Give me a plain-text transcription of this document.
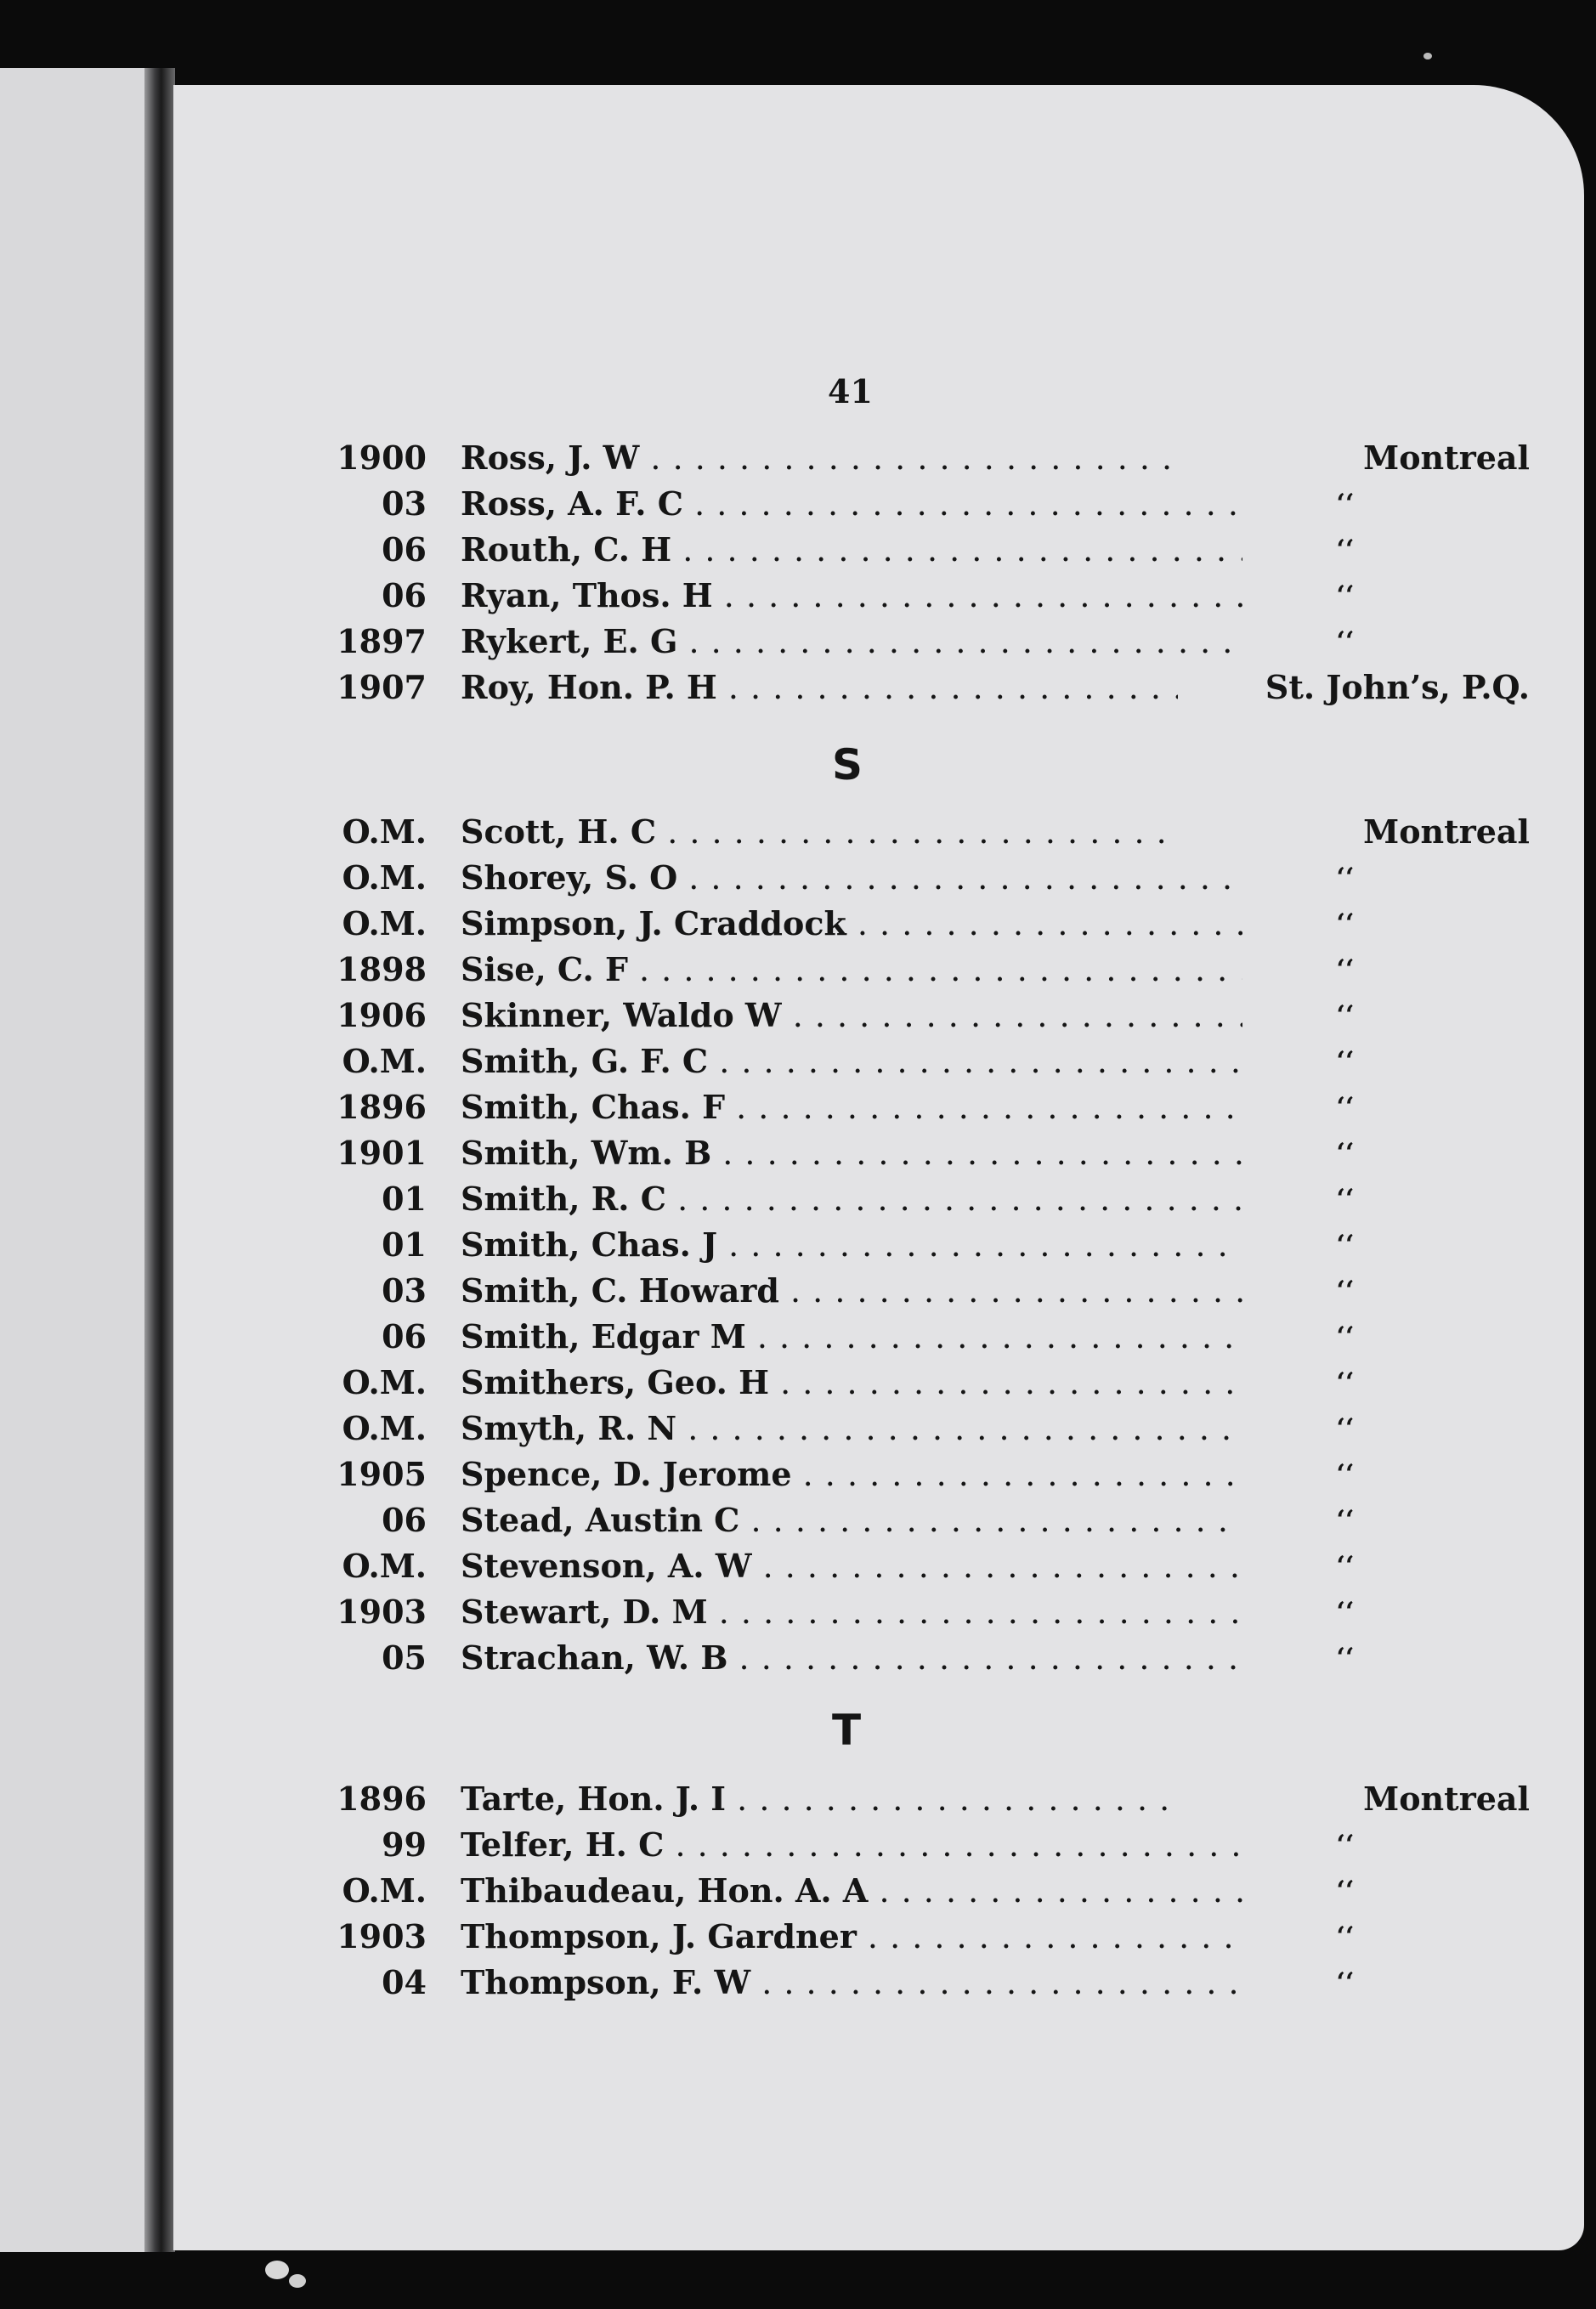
41
1900 Ross, J. W . . .	Montreal
03 Ross, A. F. C . . .	‘‘
06 Routh, C. H . . .	‘‘
06 Ryan, Thos. H . . .	‘‘
1897 Rykert, E. G . . .	‘‘
1907 Roy, Hon. P. H . . .	St. John’s, P.Q.
S
O.M. Scott, H. C . . .	Montreal
O.M. Shorey, S. O . . .	‘‘
O.M. Simpson, J. Craddock . . .	‘‘
1898 Sise, C. F . . .	‘‘
1906 Skinner, Waldo W . . .	‘‘
O.M. Smith, G. F. C . . .	‘‘
1896 Smith, Chas. F . . .	‘‘
1901 Smith, Wm. B . . .	‘‘
01 Smith, R. C . . .	‘‘
01 Smith, Chas. J . . .	‘‘
03 Smith, C. Howard . . .	‘‘
06 Smith, Edgar M . . .	‘‘
O.M. Smithers, Geo. H . . .	‘‘
O.M. Smyth, R. N . . .	‘‘
1905 Spence, D. Jerome . . .	‘‘
06 Stead, Austin C . . .	‘‘
O.M. Stevenson, A. W . . .	‘‘
1903 Stewart, D. M . . .	‘‘
05 Strachan, W. B . . .	‘‘
T
1896 Tarte, Hon. J. I . . .	Montreal
99 Telfer, H. C . . .	‘‘
O.M. Thibaudeau, Hon. A. A . . .	‘‘
1903 Thompson, J. Gardner . . .	‘‘
04 Thompson, F. W . . .	‘‘
